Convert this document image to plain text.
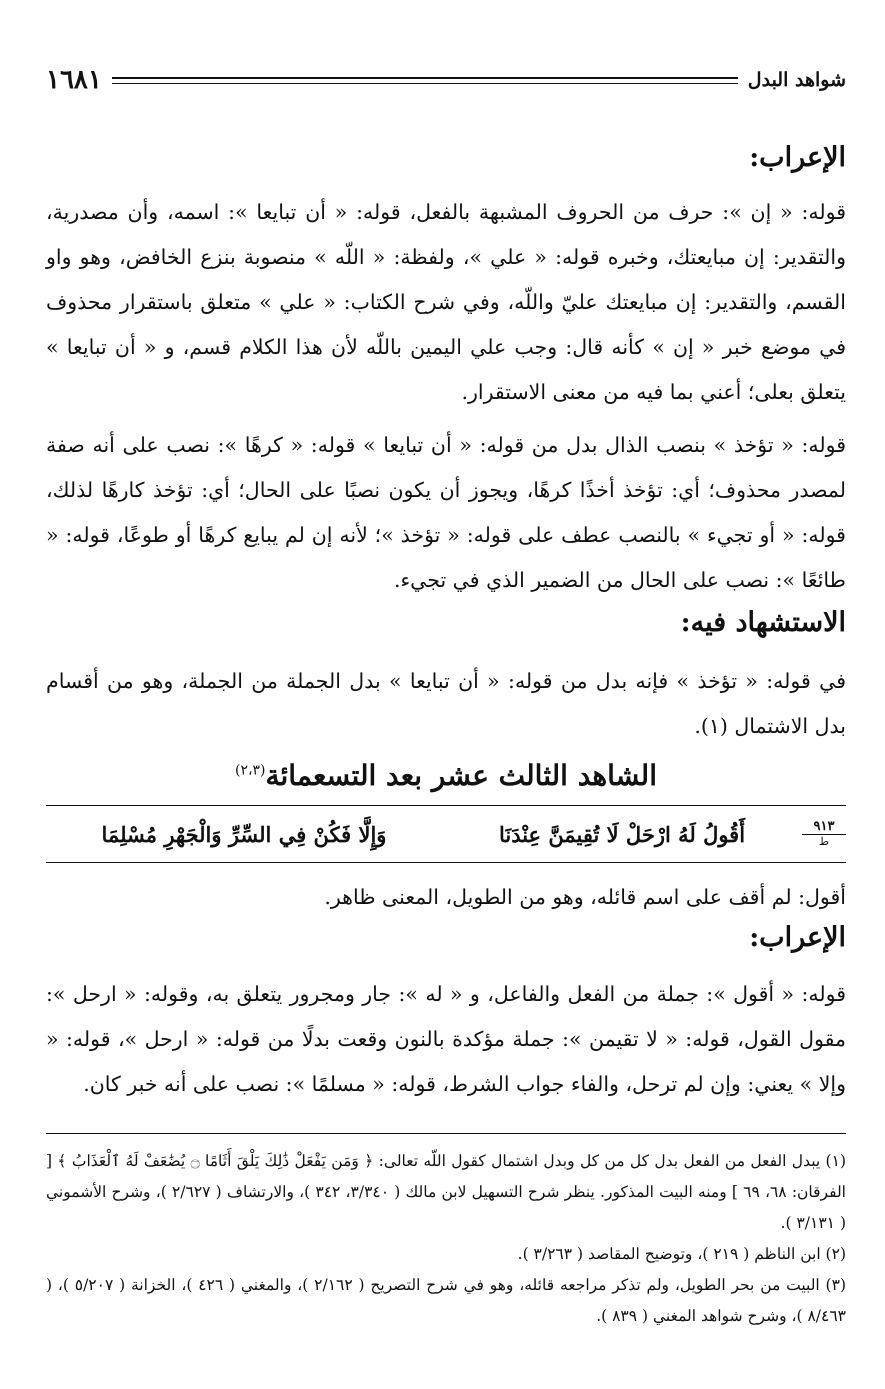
شواهد البدل
١٦٨١
الإعراب:

قوله: « إن »: حرف من الحروف المشبهة بالفعل، قوله: « أن تبايعا »: اسمه، وأن مصدرية، والتقدير: إن مبايعتك، وخبره قوله: « علي »، ولفظة: « اللّه » منصوبة بنزع الخافض، وهو واو القسم، والتقدير: إن مبايعتك عليّ واللّه، وفي شرح الكتاب: « علي » متعلق باستقرار محذوف في موضع خبر « إن » كأنه قال: وجب علي اليمين باللّه لأن هذا الكلام قسم، و « أن تبايعا » يتعلق بعلى؛ أعني بما فيه من معنى الاستقرار.

قوله: « تؤخذ » بنصب الذال بدل من قوله: « أن تبايعا » قوله: « كرهًا »: نصب على أنه صفة لمصدر محذوف؛ أي: تؤخذ أخذًا كرهًا، ويجوز أن يكون نصبًا على الحال؛ أي: تؤخذ كارهًا لذلك، قوله: « أو تجيء » بالنصب عطف على قوله: « تؤخذ »؛ لأنه إن لم يبايع كرهًا أو طوعًا، قوله: « طائعًا »: نصب على الحال من الضمير الذي في تجيء.

الاستشهاد فيه:

في قوله: « تؤخذ » فإنه بدل من قوله: « أن تبايعا » بدل الجملة من الجملة، وهو من أقسام بدل الاشتمال (١).

الشاهد الثالث عشر بعد التسعمائة$^{(٢،٣)}$
٩١٣
ط
أَقُولُ لَهُ ارْحَلْ لَا تُقِيمَنَّ عِنْدَنَا
وَإِلَّا فَكُنْ فِي السِّرِّ وَالْجَهْرِ مُسْلِمَا

أقول: لم أقف على اسم قائله، وهو من الطويل، المعنى ظاهر.

الإعراب:

قوله: « أقول »: جملة من الفعل والفاعل، و « له »: جار ومجرور يتعلق به، وقوله: « ارحل »: مقول القول، قوله: « لا تقيمن »: جملة مؤكدة بالنون وقعت بدلًا من قوله: « ارحل »، قوله: « وإلا » يعني: وإن لم ترحل، والفاء جواب الشرط، قوله: « مسلمًا »: نصب على أنه خبر كان.

(١) يبدل الفعل من الفعل بدل كل من كل وبدل اشتمال كقول اللّه تعالى: ﴿ وَمَن يَفْعَلْ ذَٰلِكَ يَلْقَ أَثَامًا ۝ يُضَٰعَفْ لَهُ ٱلْعَذَابُ ﴾ [ الفرقان: ٦٨، ٦٩ ] ومنه البيت المذكور. ينظر شرح التسهيل لابن مالك ( ٣/٣٤٠، ٣٤٢ )، والارتشاف ( ٢/٦٢٧ )، وشرح الأشموني ( ٣/١٣١ ).

(٢) ابن الناظم ( ٢١٩ )، وتوضيح المقاصد ( ٣/٢٦٣ ).

(٣) البيت من بحر الطويل، ولم تذكر مراجعه قائله، وهو في شرح التصريح ( ٢/١٦٢ )، والمغني ( ٤٢٦ )، الخزانة ( ٥/٢٠٧ )، ( ٨/٤٦٣ )، وشرح شواهد المغني ( ٨٣٩ ).
